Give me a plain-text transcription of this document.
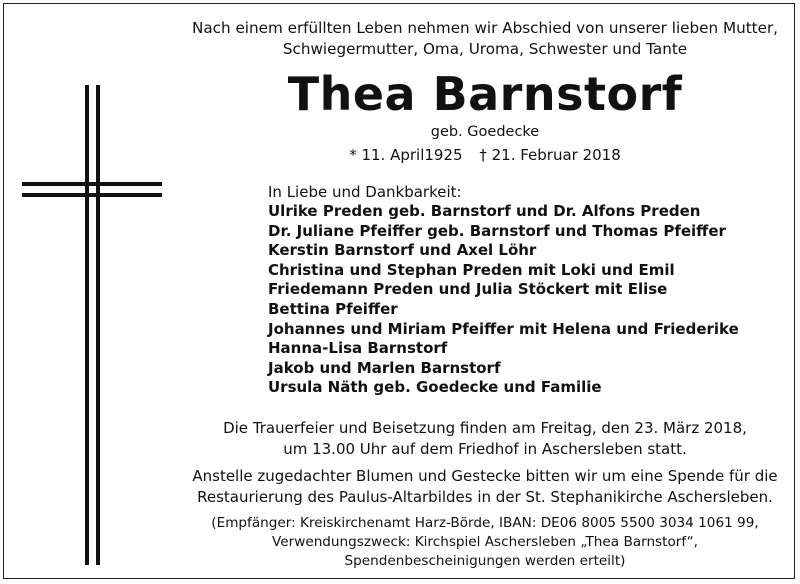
Nach einem erfüllten Leben nehmen wir Abschied von unserer lieben Mutter,
Schwiegermutter, Oma, Uroma, Schwester und Tante
Thea Barnstorf
geb. Goedecke
* 11. April1925 † 21. Februar 2018
In Liebe und Dankbarkeit:
Ulrike Preden geb. Barnstorf und Dr. Alfons Preden
Dr. Juliane Pfeiffer geb. Barnstorf und Thomas Pfeiffer
Kerstin Barnstorf und Axel Löhr
Christina und Stephan Preden mit Loki und Emil
Friedemann Preden und Julia Stöckert mit Elise
Bettina Pfeiffer
Johannes und Miriam Pfeiffer mit Helena und Friederike
Hanna-Lisa Barnstorf
Jakob und Marlen Barnstorf
Ursula Näth geb. Goedecke und Familie
Die Trauerfeier und Beisetzung finden am Freitag, den 23. März 2018,
um 13.00 Uhr auf dem Friedhof in Aschersleben statt.
Anstelle zugedachter Blumen und Gestecke bitten wir um eine Spende für die
Restaurierung des Paulus-Altarbildes in der St. Stephanikirche Aschersleben.
(Empfänger: Kreiskirchenamt Harz-Börde, IBAN: DE06 8005 5500 3034 1061 99,
Verwendungszweck: Kirchspiel Aschersleben „Thea Barnstorf“,
Spendenbescheinigungen werden erteilt)
